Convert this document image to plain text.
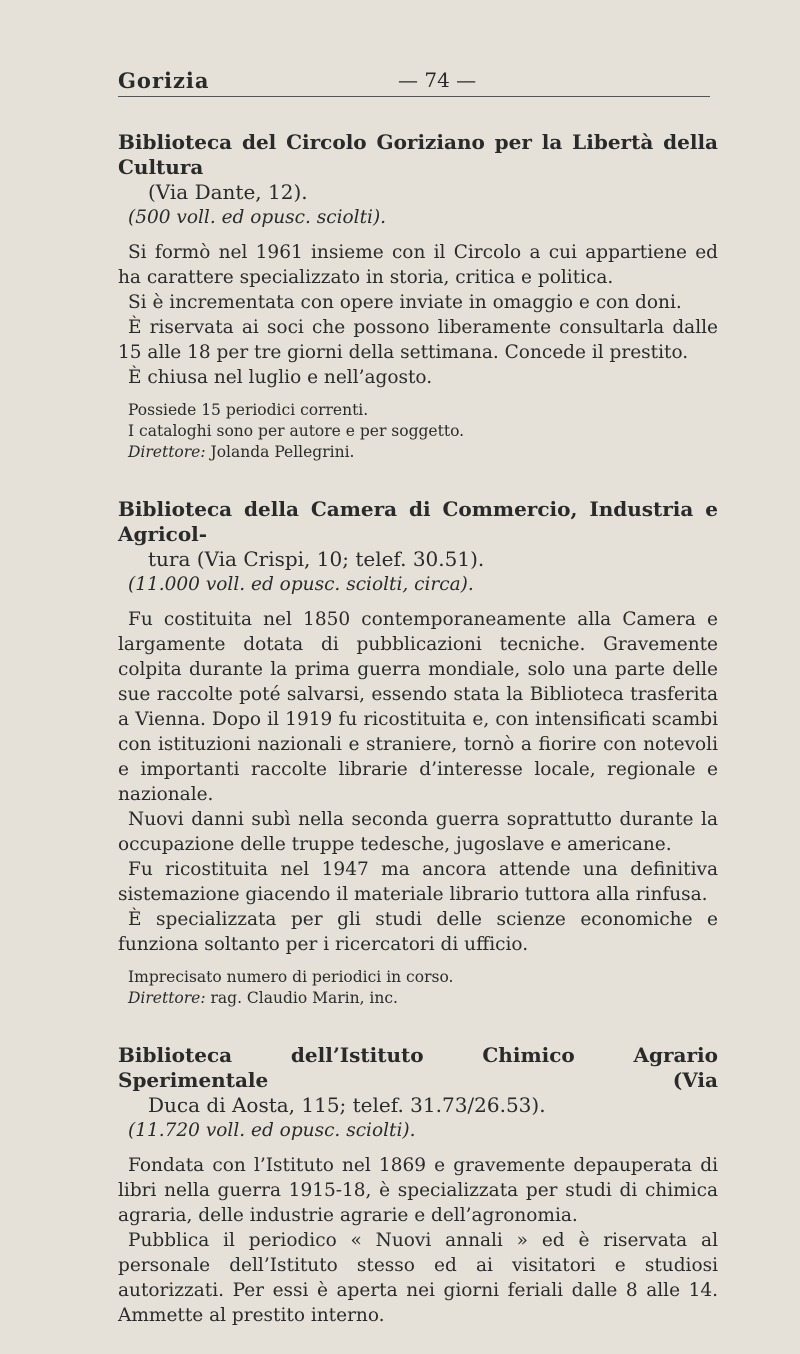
Gorizia	— 74 —
Biblioteca del Circolo Goriziano per la Libertà della Cultura
(Via Dante, 12).

(500 voll. ed opusc. sciolti).

Si formò nel 1961 insieme con il Circolo a cui appartiene ed ha carattere specializzato in storia, critica e politica.

Si è incrementata con opere inviate in omaggio e con doni.

È riservata ai soci che possono liberamente consultarla dalle 15 alle 18 per tre giorni della settimana. Concede il prestito.

È chiusa nel luglio e nell’agosto.

Possiede 15 periodici correnti.

I cataloghi sono per autore e per soggetto.

Direttore: Jolanda Pellegrini.

Biblioteca della Camera di Commercio, Industria e Agricol-
tura (Via Crispi, 10; telef. 30.51).

(11.000 voll. ed opusc. sciolti, circa).

Fu costituita nel 1850 contemporaneamente alla Camera e largamente dotata di pubblicazioni tecniche. Gravemente colpita durante la prima guerra mondiale, solo una parte delle sue raccolte poté salvarsi, essendo stata la Biblioteca trasferita a Vienna. Dopo il 1919 fu ricostituita e, con intensificati scambi con istituzioni nazionali e straniere, tornò a fiorire con notevoli e importanti raccolte librarie d’interesse locale, regionale e nazionale.

Nuovi danni subì nella seconda guerra soprattutto durante la occupazione delle truppe tedesche, jugoslave e americane.

Fu ricostituita nel 1947 ma ancora attende una definitiva sistemazione giacendo il materiale librario tuttora alla rinfusa.

È specializzata per gli studi delle scienze economiche e funziona soltanto per i ricercatori di ufficio.

Imprecisato numero di periodici in corso.

Direttore: rag. Claudio Marin, inc.

Biblioteca dell’Istituto Chimico Agrario Sperimentale (Via
Duca di Aosta, 115; telef. 31.73/26.53).

(11.720 voll. ed opusc. sciolti).

Fondata con l’Istituto nel 1869 e gravemente depauperata di libri nella guerra 1915-18, è specializzata per studi di chimica agraria, delle industrie agrarie e dell’agronomia.

Pubblica il periodico « Nuovi annali » ed è riservata al personale dell’Istituto stesso ed ai visitatori e studiosi autorizzati. Per essi è aperta nei giorni feriali dalle 8 alle 14. Ammette al prestito interno.
